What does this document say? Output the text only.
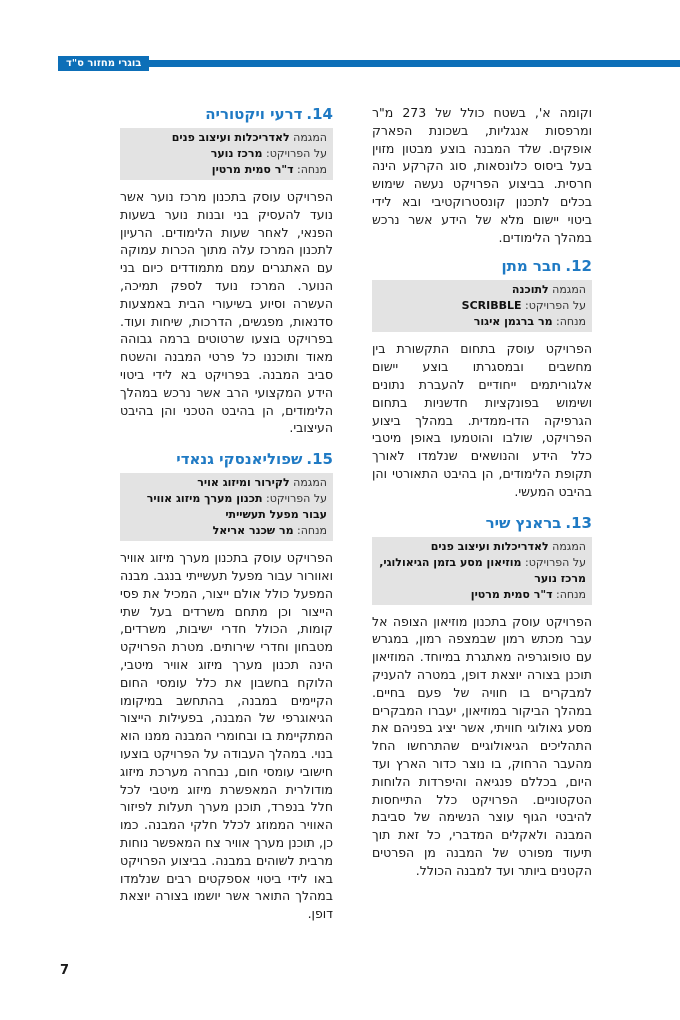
בוגרי מחזור ס"ד

וקומה א', בשטח כולל של 273 מ"ר ומרפסות אנגליות, בשכונת הפארק אופקים. שלד המבנה בוצע מבטון מזוין בעל ביסוס כלונסאות, סוג הקרקע הינה חרסית. בביצוע הפרויקט נעשה שימוש בכלים לתכנון קונסטרוקטיבי ובא לידי ביטוי יישום מלא של הידע אשר נרכש במהלך הלימודים.

12.חבר מתן
המגמה לתוכנה
על הפרויקט: SCRIBBLE
מנחה: מר ברגמן איגור

הפרויקט עוסק בתחום התקשורת בין מחשבים ובמסגרתו בוצע יישום אלגוריתמים ייחודיים להעברת נתונים ושימוש בפונקציות חדשניות בתחום הגרפיקה הדו-ממדית. במהלך ביצוע הפרויקט, שולבו והוטמעו באופן מיטבי כלל הידע והנושאים שנלמדו לאורך תקופת הלימודים, הן בהיבט התאורטי והן בהיבט המעשי.

13.בראנץ שיר
המגמה לאדריכלות ועיצוב פנים
על הפרויקט: מוזיאון מסע בזמן הגיאולוגי, מרכז נוער
מנחה: ד"ר סמית מרטין

הפרויקט עוסק בתכנון מוזיאון הצופה אל עבר מכתש רמון שבמצפה רמון, במגרש עם טופוגרפיה מאתגרת במיוחד. המוזיאון תוכנן בצורה יוצאת דופן, במטרה להעניק למבקרים בו חוויה של פעם בחיים. במהלך הביקור במוזיאון, יעברו המבקרים מסע גאולוגי חוויתי, אשר יציג בפניהם את התהליכים הגיאולוגיים שהתרחשו החל מהעבר הרחוק, בו נוצר כדור הארץ ועד היום, בכללם פנגיאה והיפרדות הלוחות הטקטוניים. הפרויקט כלל התייחסות להיבטי הגוף עוצר הנשימה של סביבת המבנה ולאקלים המדברי, כל זאת תוך תיעוד מפורט של המבנה מן הפרטים הקטנים ביותר ועד למבנה הכולל.

14.דרעי ויקטוריה
המגמה לאדריכלות ועיצוב פנים
על הפרויקט: מרכז נוער
מנחה: ד"ר סמית מרטין

הפרויקט עוסק בתכנון מרכז נוער אשר נועד להעסיק בני ובנות נוער בשעות הפנאי, לאחר שעות הלימודים. הרעיון לתכנון המרכז עלה מתוך הכרות עמוקה עם האתגרים עמם מתמודדים כיום בני הנוער. המרכז נועד לספק תמיכה, העשרה וסיוע בשיעורי הבית באמצעות סדנאות, מפגשים, הדרכות, שיחות ועוד. בפרויקט בוצעו שרטוטים ברמה גבוהה מאוד ותוכננו כל פרטי המבנה והשטח סביב המבנה. בפרויקט בא לידי ביטוי הידע המקצועי הרב אשר נרכש במהלך הלימודים, הן בהיבט הטכני והן בהיבט העיצובי.

15.שפוליאנסקי גנאדי
המגמה לקירור ומיזוג אויר
על הפרויקט: תכנון מערך מיזוג אוויר עבור מפעל תעשייתי
מנחה: מר שכנר אריאל

הפרויקט עוסק בתכנון מערך מיזוג אוויר ואוורור עבור מפעל תעשייתי בנגב. מבנה המפעל כולל אולם ייצור, המכיל את פסי הייצור וכן מתחם משרדים בעל שתי קומות, הכולל חדרי ישיבות, משרדים, מטבחון וחדרי שירותים. מטרת הפרויקט הינה תכנון מערך מיזוג אוויר מיטבי, הלוקח בחשבון את כלל עומסי החום הקיימים במבנה, בהתחשב במיקומו הגיאוגרפי של המבנה, בפעילות הייצור המתקיימת בו ובחומרי המבנה ממנו הוא בנוי. במהלך העבודה על הפרויקט בוצעו חישובי עומסי חום, נבחרה מערכת מיזוג מודולרית המאפשרת מיזוג מיטבי לכל חלל בנפרד, תוכנן מערך תעלות לפיזור האוויר הממוזג לכלל חלקי המבנה. כמו כן, תוכנן מערך אוויר צח המאפשר נוחות מרבית לשוהים במבנה. בביצוע הפרויקט באו לידי ביטוי אספקטים רבים שנלמדו במהלך התואר אשר יושמו בצורה יוצאת דופן.

7
